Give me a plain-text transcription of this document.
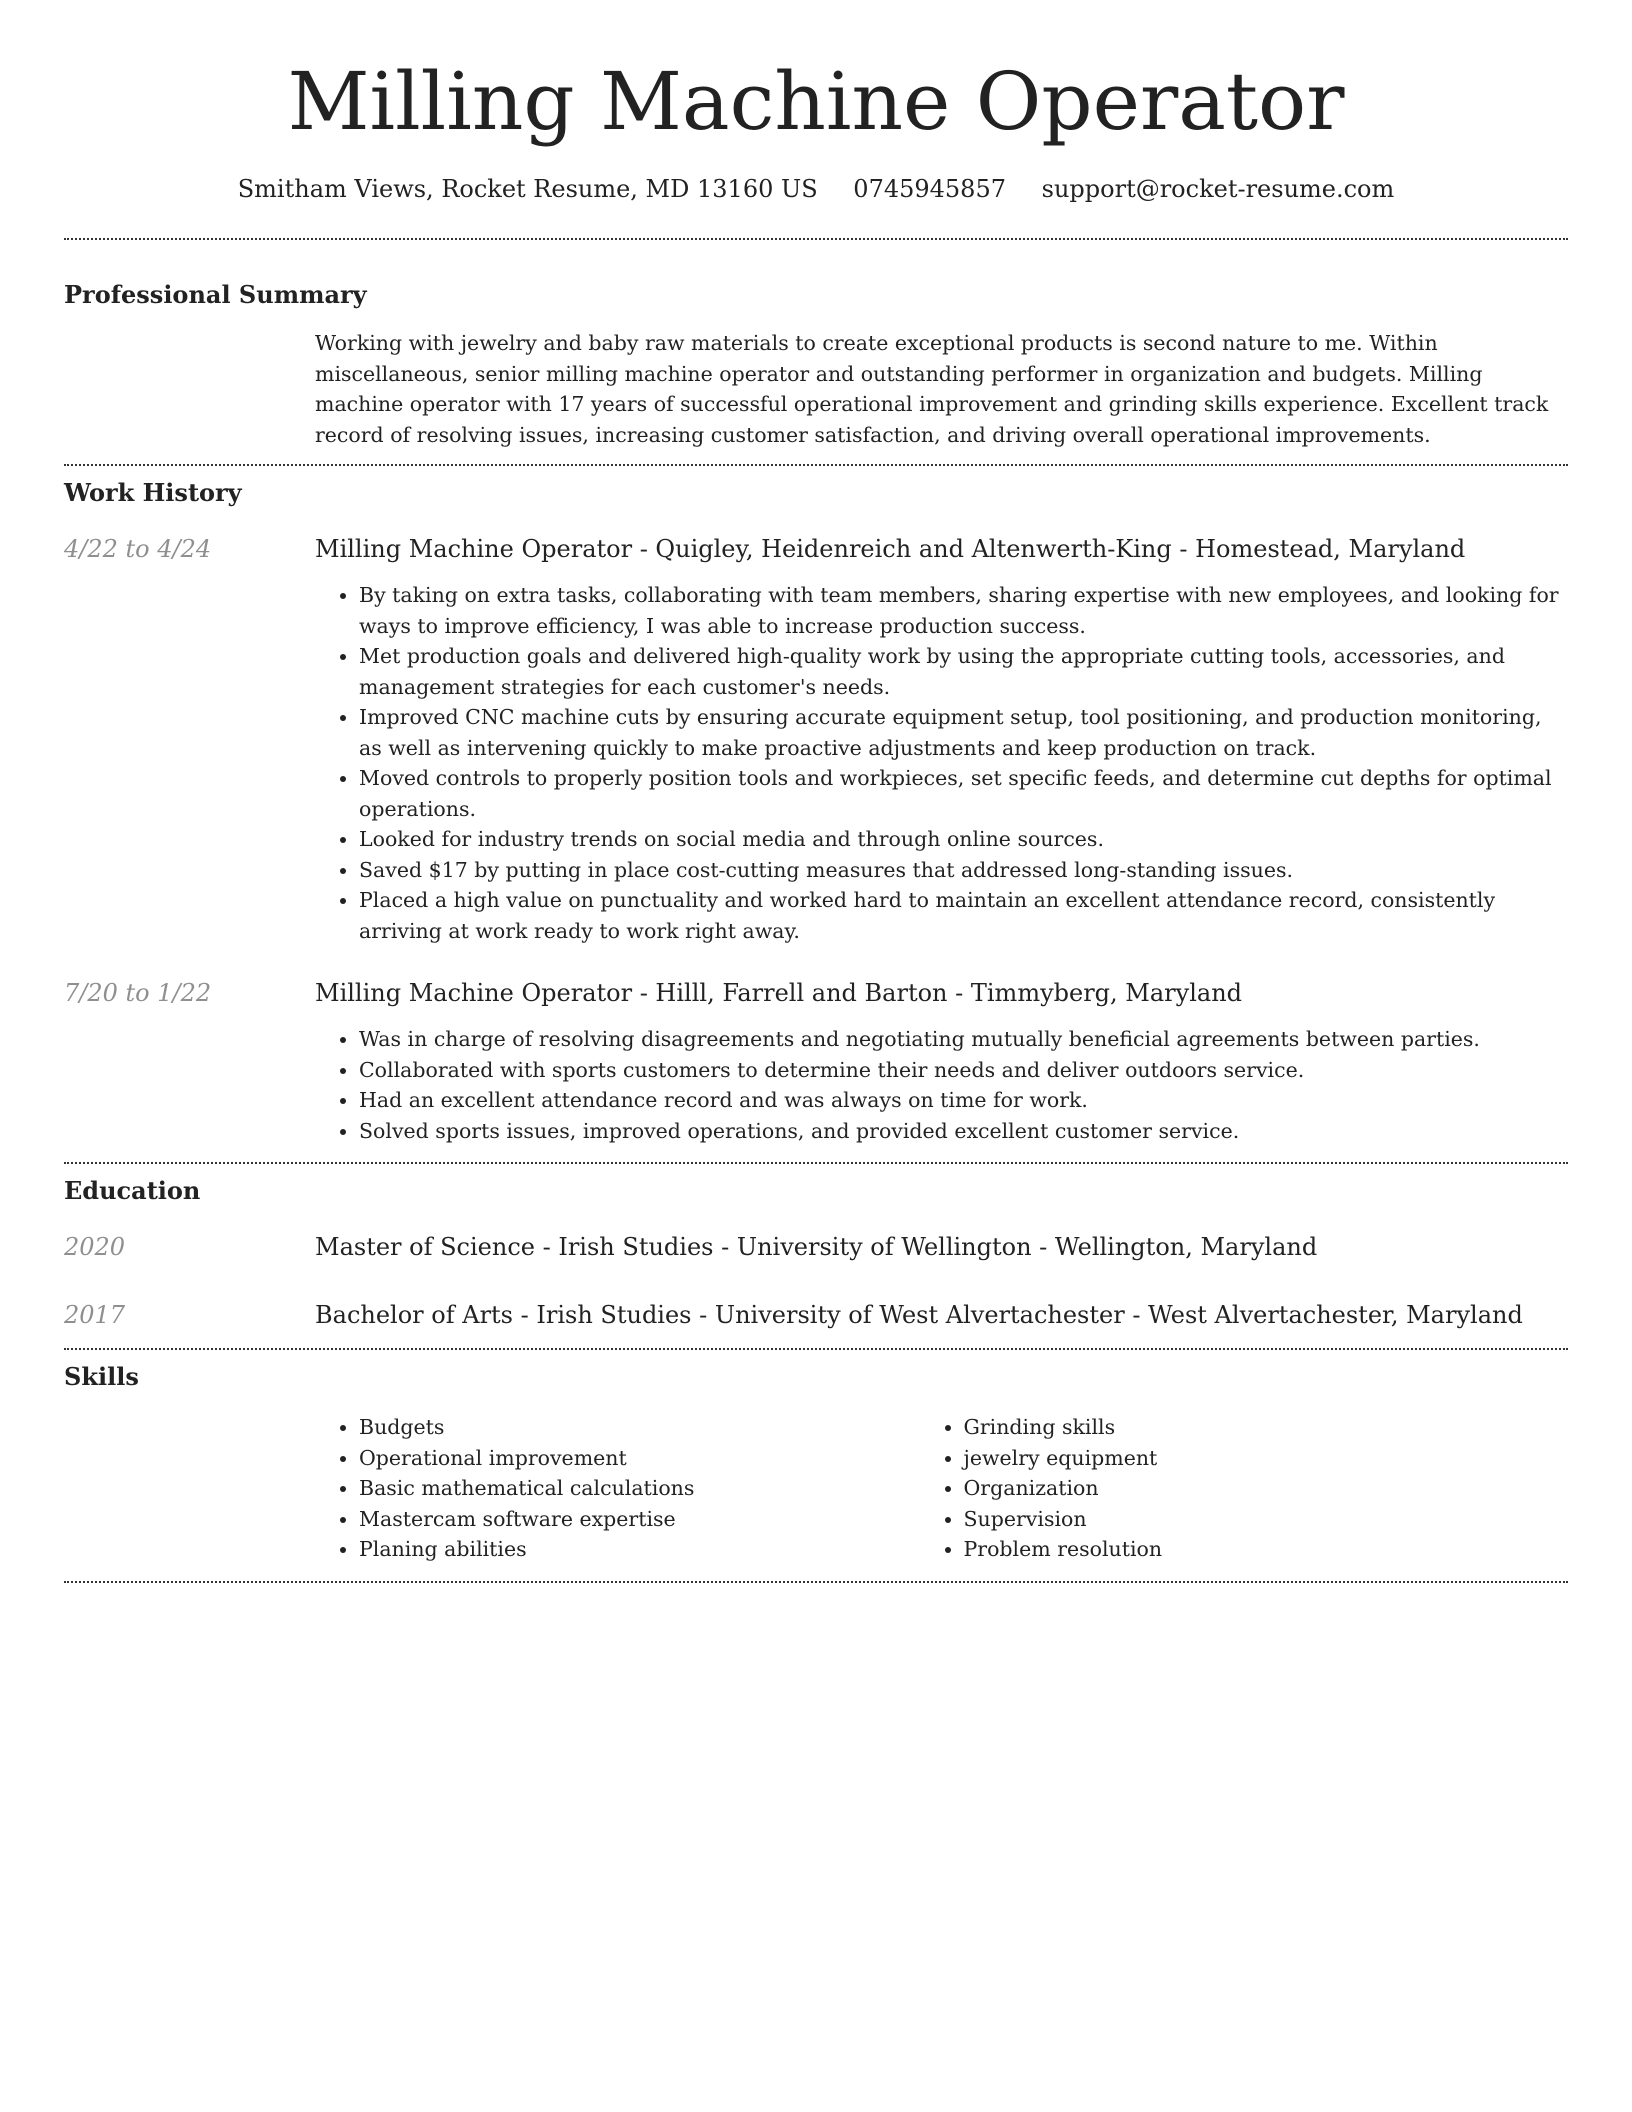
Milling Machine Operator
Smitham Views, Rocket Resume, MD 13160 US 0745945857 support@rocket-resume.com
Professional Summary

Working with jewelry and baby raw materials to create exceptional products is second nature to me. Within miscellaneous, senior milling machine operator and outstanding performer in organization and budgets. Milling machine operator with 17 years of successful operational improvement and grinding skills experience. Excellent track record of resolving issues, increasing customer satisfaction, and driving overall operational improvements.

Work History
4/22 to 4/24	Milling Machine Operator - Quigley, Heidenreich and Altenwerth-King - Homestead, Maryland
• By taking on extra tasks, collaborating with team members, sharing expertise with new employees, and looking for ways to improve efficiency, I was able to increase production success.
• Met production goals and delivered high-quality work by using the appropriate cutting tools, accessories, and management strategies for each customer's needs.
• Improved CNC machine cuts by ensuring accurate equipment setup, tool positioning, and production monitoring, as well as intervening quickly to make proactive adjustments and keep production on track.
• Moved controls to properly position tools and workpieces, set specific feeds, and determine cut depths for optimal operations.
• Looked for industry trends on social media and through online sources.
• Saved $17 by putting in place cost-cutting measures that addressed long-standing issues.
• Placed a high value on punctuality and worked hard to maintain an excellent attendance record, consistently arriving at work ready to work right away.
7/20 to 1/22	Milling Machine Operator - Hilll, Farrell and Barton - Timmyberg, Maryland
• Was in charge of resolving disagreements and negotiating mutually beneficial agreements between parties.
• Collaborated with sports customers to determine their needs and deliver outdoors service.
• Had an excellent attendance record and was always on time for work.
• Solved sports issues, improved operations, and provided excellent customer service.
Education
2020	Master of Science - Irish Studies - University of Wellington - Wellington, Maryland
2017	Bachelor of Arts - Irish Studies - University of West Alvertachester - West Alvertachester, Maryland
Skills
• Budgets
• Operational improvement
• Basic mathematical calculations
• Mastercam software expertise
• Planing abilities
• Grinding skills
• jewelry equipment
• Organization
• Supervision
• Problem resolution
